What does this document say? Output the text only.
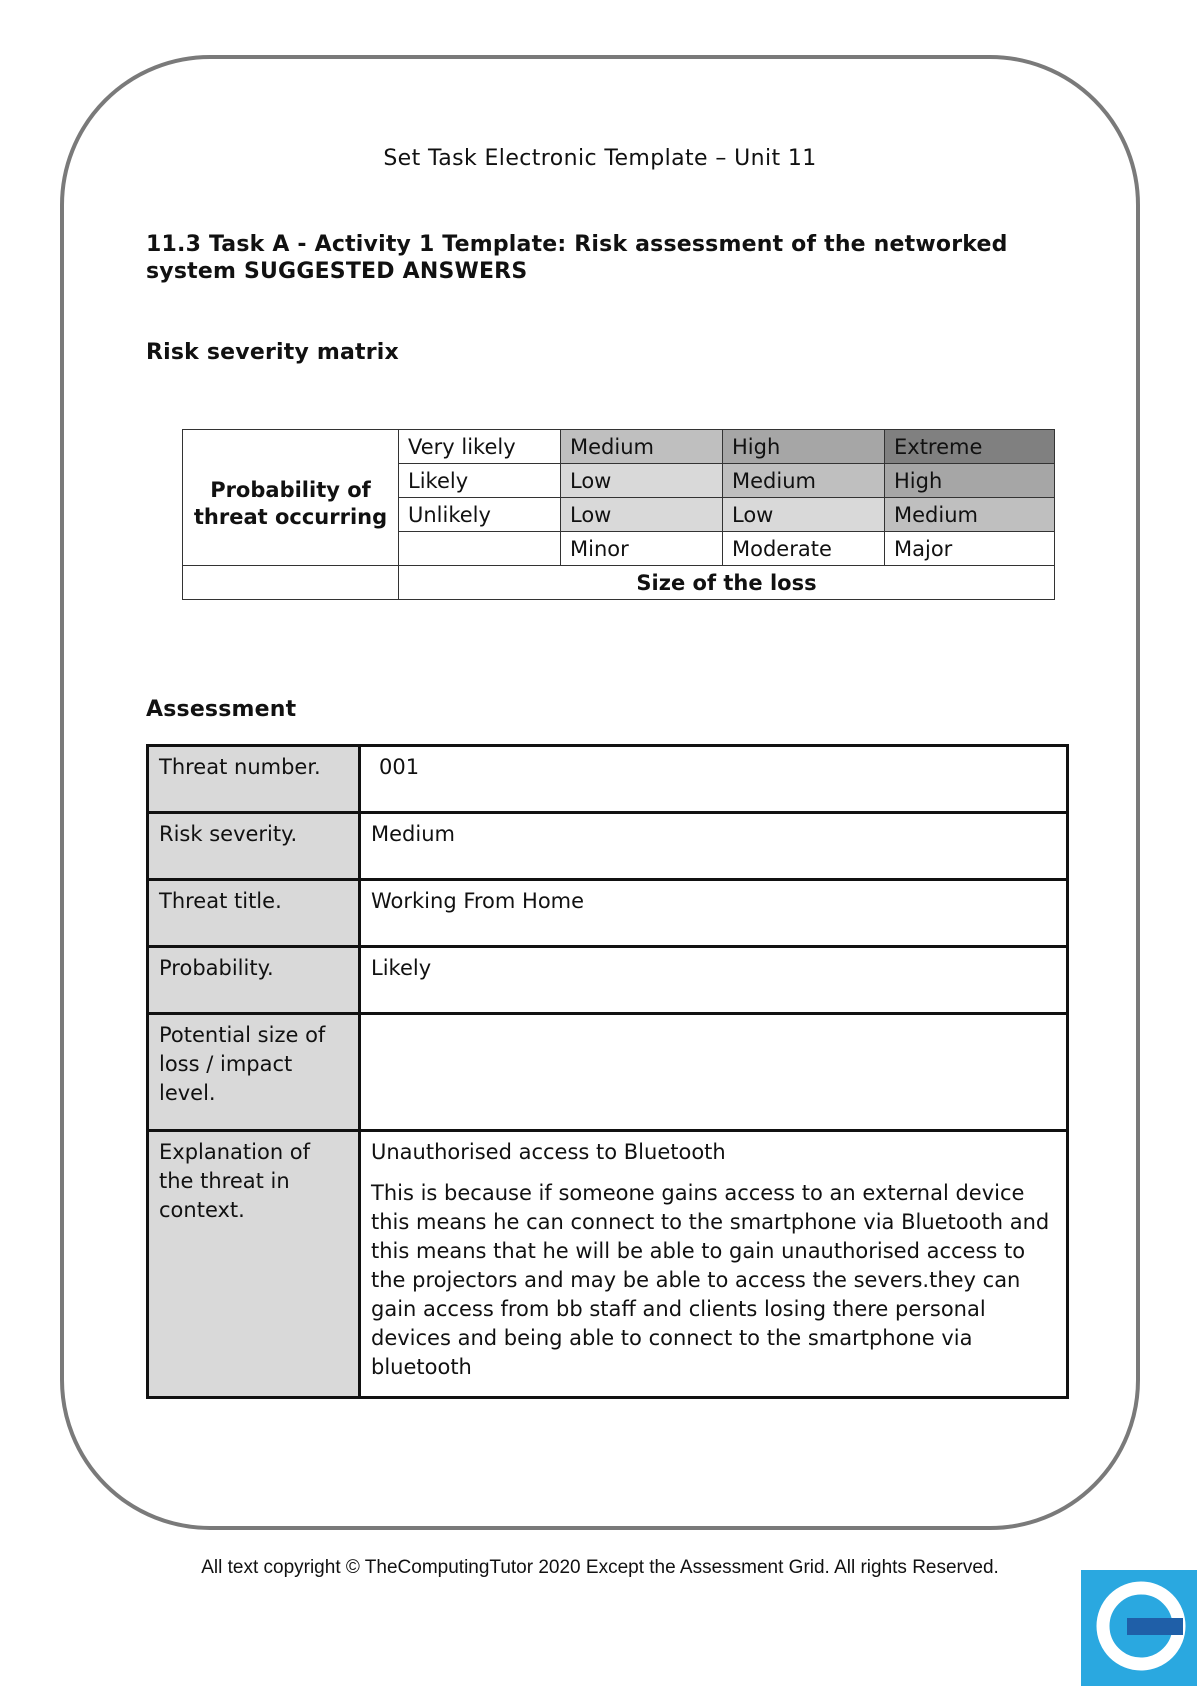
Set Task Electronic Template – Unit 11
11.3 Task A - Activity 1 Template: Risk assessment of the networked system SUGGESTED ANSWERS
Risk severity matrix
Probability of threat occurring	Very likely	Medium	High	Extreme
	Likely	Low	Medium	High
	Unlikely	Low	Low	Medium
		Minor	Moderate	Major
	Size of the loss			
Assessment
Threat number.	001
Risk severity.	Medium
Threat title.	Working From Home
Probability.	Likely
Potential size of loss / impact level.	
Explanation of the threat in context.	Unauthorised access to Bluetooth

This is because if someone gains access to an external device this means he can connect to the smartphone via Bluetooth and this means that he will be able to gain unauthorised access to the projectors and may be able to access the severs.they can gain access from bb staff and clients losing there personal devices and being able to connect to the smartphone via bluetooth

All text copyright © TheComputingTutor 2020 Except the Assessment Grid. All rights Reserved.
